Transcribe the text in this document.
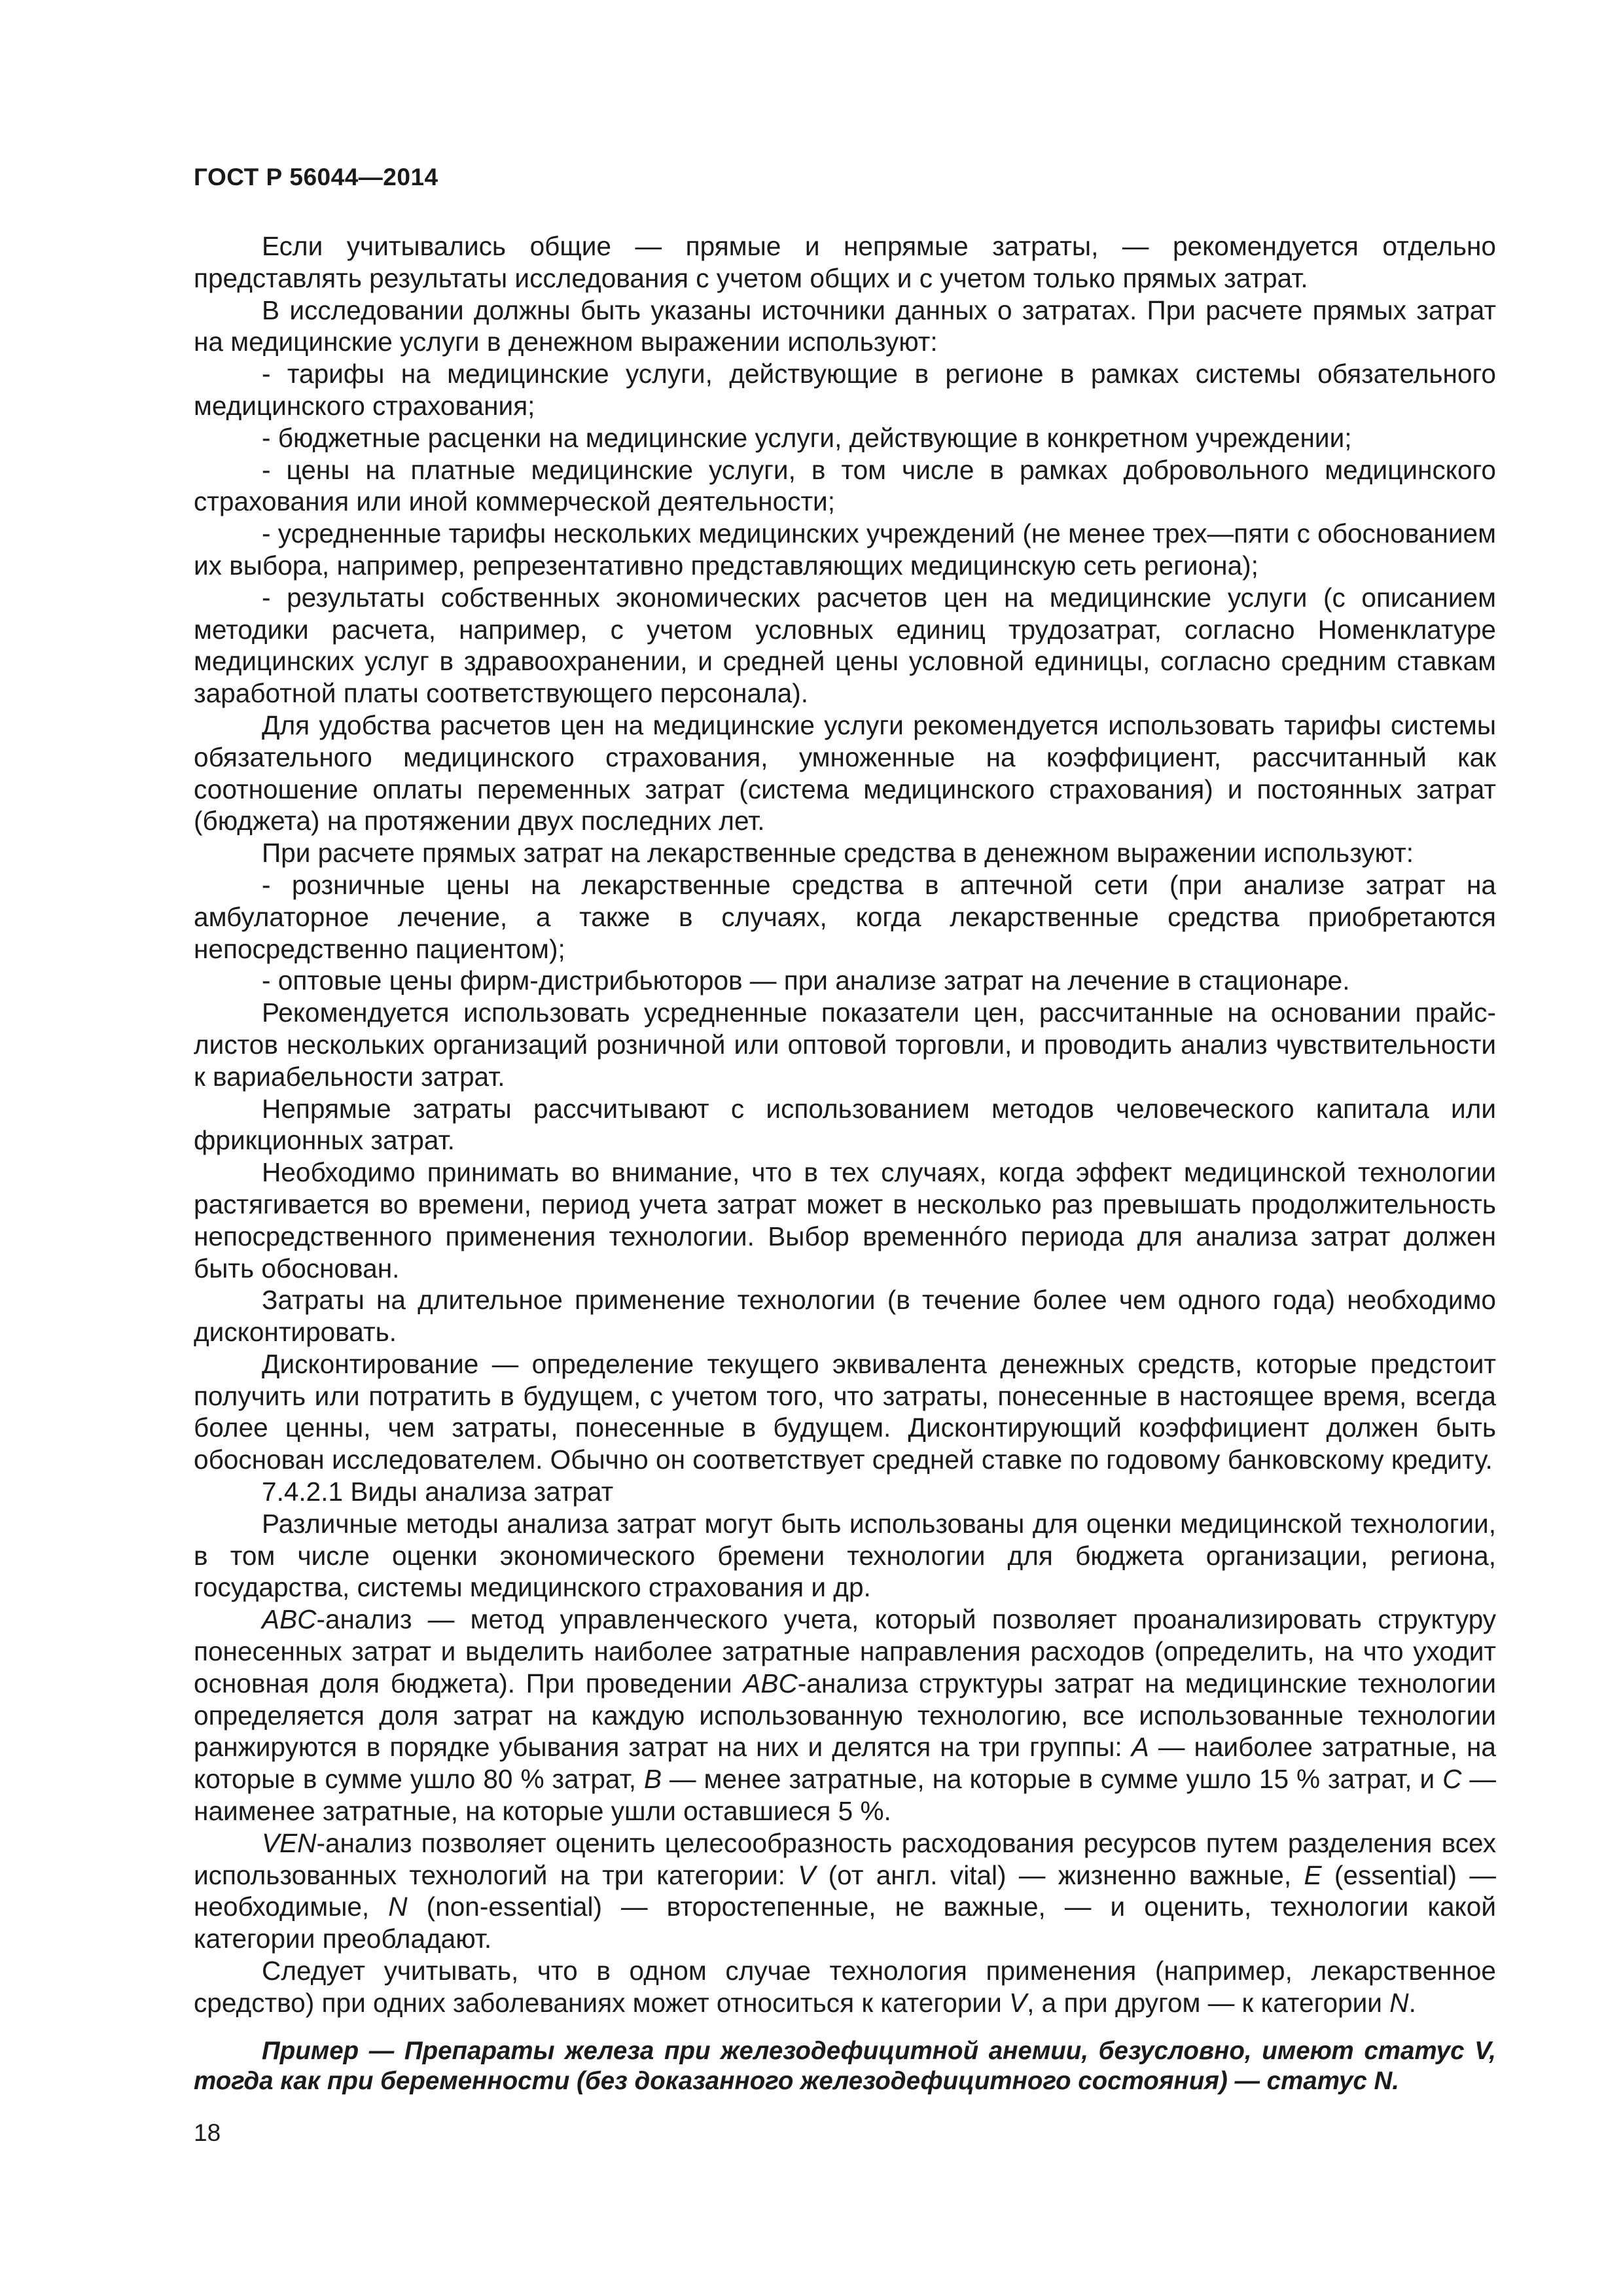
ГОСТ Р 56044—2014

Если учитывались общие — прямые и непрямые затраты, — рекомендуется отдельно представлять результаты исследования с учетом общих и с учетом только прямых затрат.

В исследовании должны быть указаны источники данных о затратах. При расчете прямых затрат на медицинские услуги в денежном выражении используют:

- тарифы на медицинские услуги, действующие в регионе в рамках системы обязательного медицинского страхования;

- бюджетные расценки на медицинские услуги, действующие в конкретном учреждении;

- цены на платные медицинские услуги, в том числе в рамках добровольного медицинского страхования или иной коммерческой деятельности;

- усредненные тарифы нескольких медицинских учреждений (не менее трех—пяти с обоснованием их выбора, например, репрезентативно представляющих медицинскую сеть региона);

- результаты собственных экономических расчетов цен на медицинские услуги (с описанием методики расчета, например, с учетом условных единиц трудозатрат, согласно Номенклатуре медицинских услуг в здравоохранении, и средней цены условной единицы, согласно средним ставкам заработной платы соответствующего персонала).

Для удобства расчетов цен на медицинские услуги рекомендуется использовать тарифы системы обязательного медицинского страхования, умноженные на коэффициент, рассчитанный как соотношение оплаты переменных затрат (система медицинского страхования) и постоянных затрат (бюджета) на протяжении двух последних лет.

При расчете прямых затрат на лекарственные средства в денежном выражении используют:

- розничные цены на лекарственные средства в аптечной сети (при анализе затрат на амбулаторное лечение, а также в случаях, когда лекарственные средства приобретаются непосредственно пациентом);

- оптовые цены фирм-дистрибьюторов — при анализе затрат на лечение в стационаре.

Рекомендуется использовать усредненные показатели цен, рассчитанные на основании прайс-листов нескольких организаций розничной или оптовой торговли, и проводить анализ чувствительности к вариабельности затрат.

Непрямые затраты рассчитывают с использованием методов человеческого капитала или фрикционных затрат.

Необходимо принимать во внимание, что в тех случаях, когда эффект медицинской технологии растягивается во времени, период учета затрат может в несколько раз превышать продолжительность непосредственного применения технологии. Выбор временнóго периода для анализа затрат должен быть обоснован.

Затраты на длительное применение технологии (в течение более чем одного года) необходимо дисконтировать.

Дисконтирование — определение текущего эквивалента денежных средств, которые предстоит получить или потратить в будущем, с учетом того, что затраты, понесенные в настоящее время, всегда более ценны, чем затраты, понесенные в будущем. Дисконтирующий коэффициент должен быть обоснован исследователем. Обычно он соответствует средней ставке по годовому банковскому кредиту.

7.4.2.1 Виды анализа затрат

Различные методы анализа затрат могут быть использованы для оценки медицинской технологии, в том числе оценки экономического бремени технологии для бюджета организации, региона, государства, системы медицинского страхования и др.

ABC-анализ — метод управленческого учета, который позволяет проанализировать структуру понесенных затрат и выделить наиболее затратные направления расходов (определить, на что уходит основная доля бюджета). При проведении ABC-анализа структуры затрат на медицинские технологии определяется доля затрат на каждую использованную технологию, все использованные технологии ранжируются в порядке убывания затрат на них и делятся на три группы: A — наиболее затратные, на которые в сумме ушло 80 % затрат, B — менее затратные, на которые в сумме ушло 15 % затрат, и C — наименее затратные, на которые ушли оставшиеся 5 %.

VEN-анализ позволяет оценить целесообразность расходования ресурсов путем разделения всех использованных технологий на три категории: V (от англ. vital) — жизненно важные, E (essential) — необходимые, N (non-essential) — второстепенные, не важные, — и оценить, технологии какой категории преобладают.

Следует учитывать, что в одном случае технология применения (например, лекарственное средство) при одних заболеваниях может относиться к категории V, а при другом — к категории N.

Пример — Препараты железа при железодефицитной анемии, безусловно, имеют статус V, тогда как при беременности (без доказанного железодефицитного состояния) — статус N.

18
